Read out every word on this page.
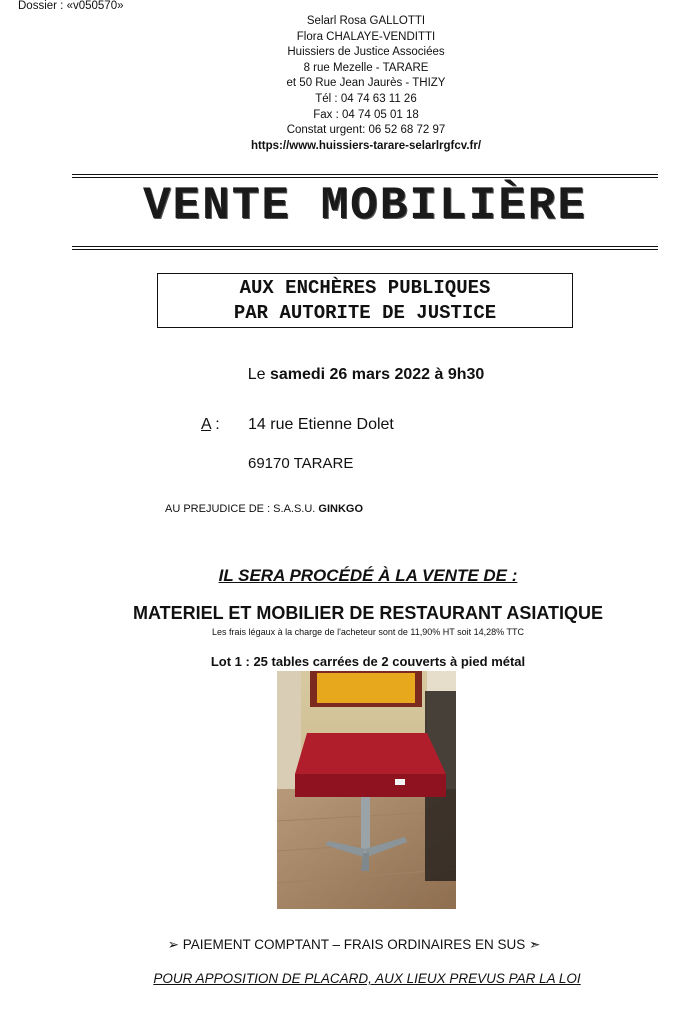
Dossier : «v050570»
Selarl Rosa GALLOTTI
Flora CHALAYE-VENDITTI
Huissiers de Justice Associées
8 rue Mezelle - TARARE
et 50 Rue Jean Jaurès - THIZY
Tél : 04 74 63 11 26
Fax : 04 74 05 01 18
Constat urgent: 06 52 68 72 97
https://www.huissiers-tarare-selarlrgfcv.fr/
VENTE MOBILIÈRE
AUX ENCHÈRES PUBLIQUES
PAR AUTORITE DE JUSTICE
Le samedi 26 mars 2022 à 9h30
A : 14 rue Etienne Dolet
69170 TARARE
AU PREJUDICE DE : S.A.S.U. GINKGO
IL SERA PROCÉDÉ À LA VENTE DE :
MATERIEL ET MOBILIER DE RESTAURANT ASIATIQUE
Les frais légaux à la charge de l'acheteur sont de 11,90% HT soit 14,28% TTC
Lot 1 : 25 tables carrées de 2 couverts à pied métal
➢ PAIEMENT COMPTANT – FRAIS ORDINAIRES EN SUS ➣
POUR APPOSITION DE PLACARD, AUX LIEUX PREVUS PAR LA LOI
